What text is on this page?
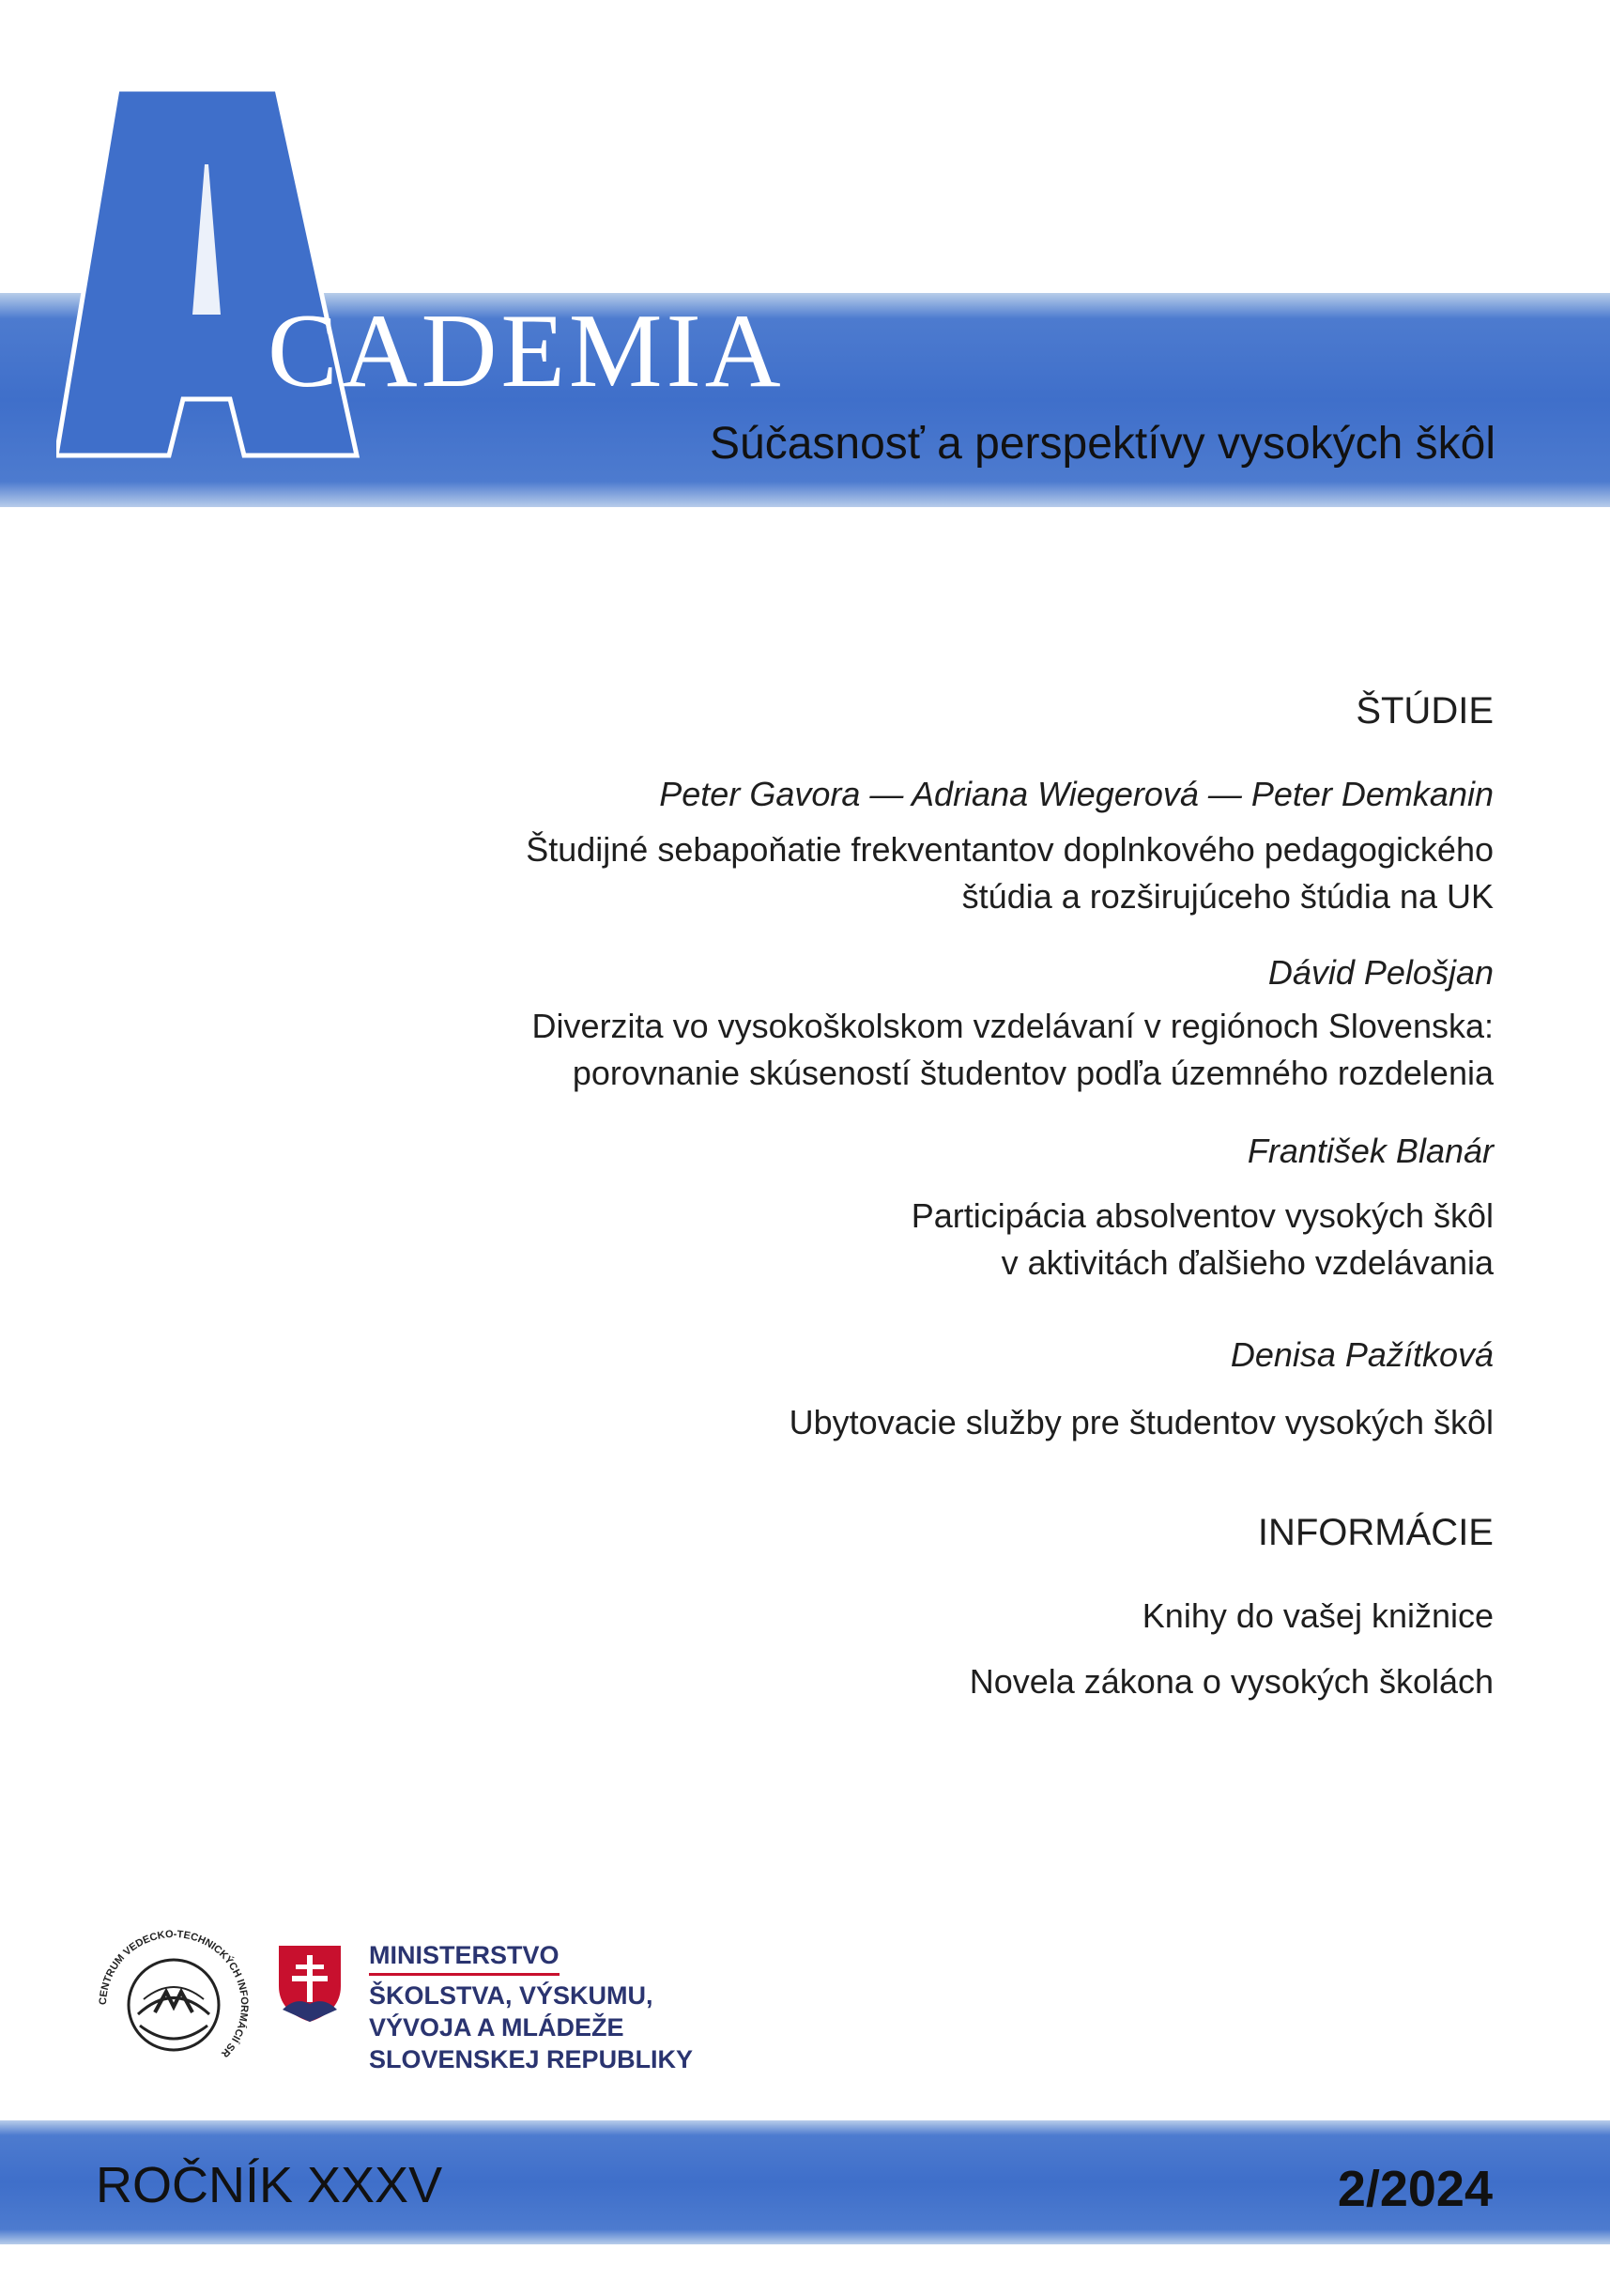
CADEMIA
Súčasnosť a perspektívy vysokých škôl
ŠTÚDIE
Peter Gavora — Adriana Wiegerová — Peter Demkanin
Študijné sebapoňatie frekventantov doplnkového pedagogického
štúdia a rozširujúceho štúdia na UK
Dávid Pelošjan
Diverzita vo vysokoškolskom vzdelávaní v regiónoch Slovenska:
porovnanie skúseností študentov podľa územného rozdelenia
František Blanár
Participácia absolventov vysokých škôl
v aktivitách ďalšieho vzdelávania
Denisa Pažítková
Ubytovacie služby pre študentov vysokých škôl
INFORMÁCIE
Knihy do vašej knižnice
Novela zákona o vysokých školách
CENTRUM VEDECKO-TECHNICKÝCH INFORMÁCIÍ SR
MINISTERSTVO
ŠKOLSTVA, VÝSKUMU,
VÝVOJA A MLÁDEŽE
SLOVENSKEJ REPUBLIKY
ROČNÍK XXXV	2/2024
